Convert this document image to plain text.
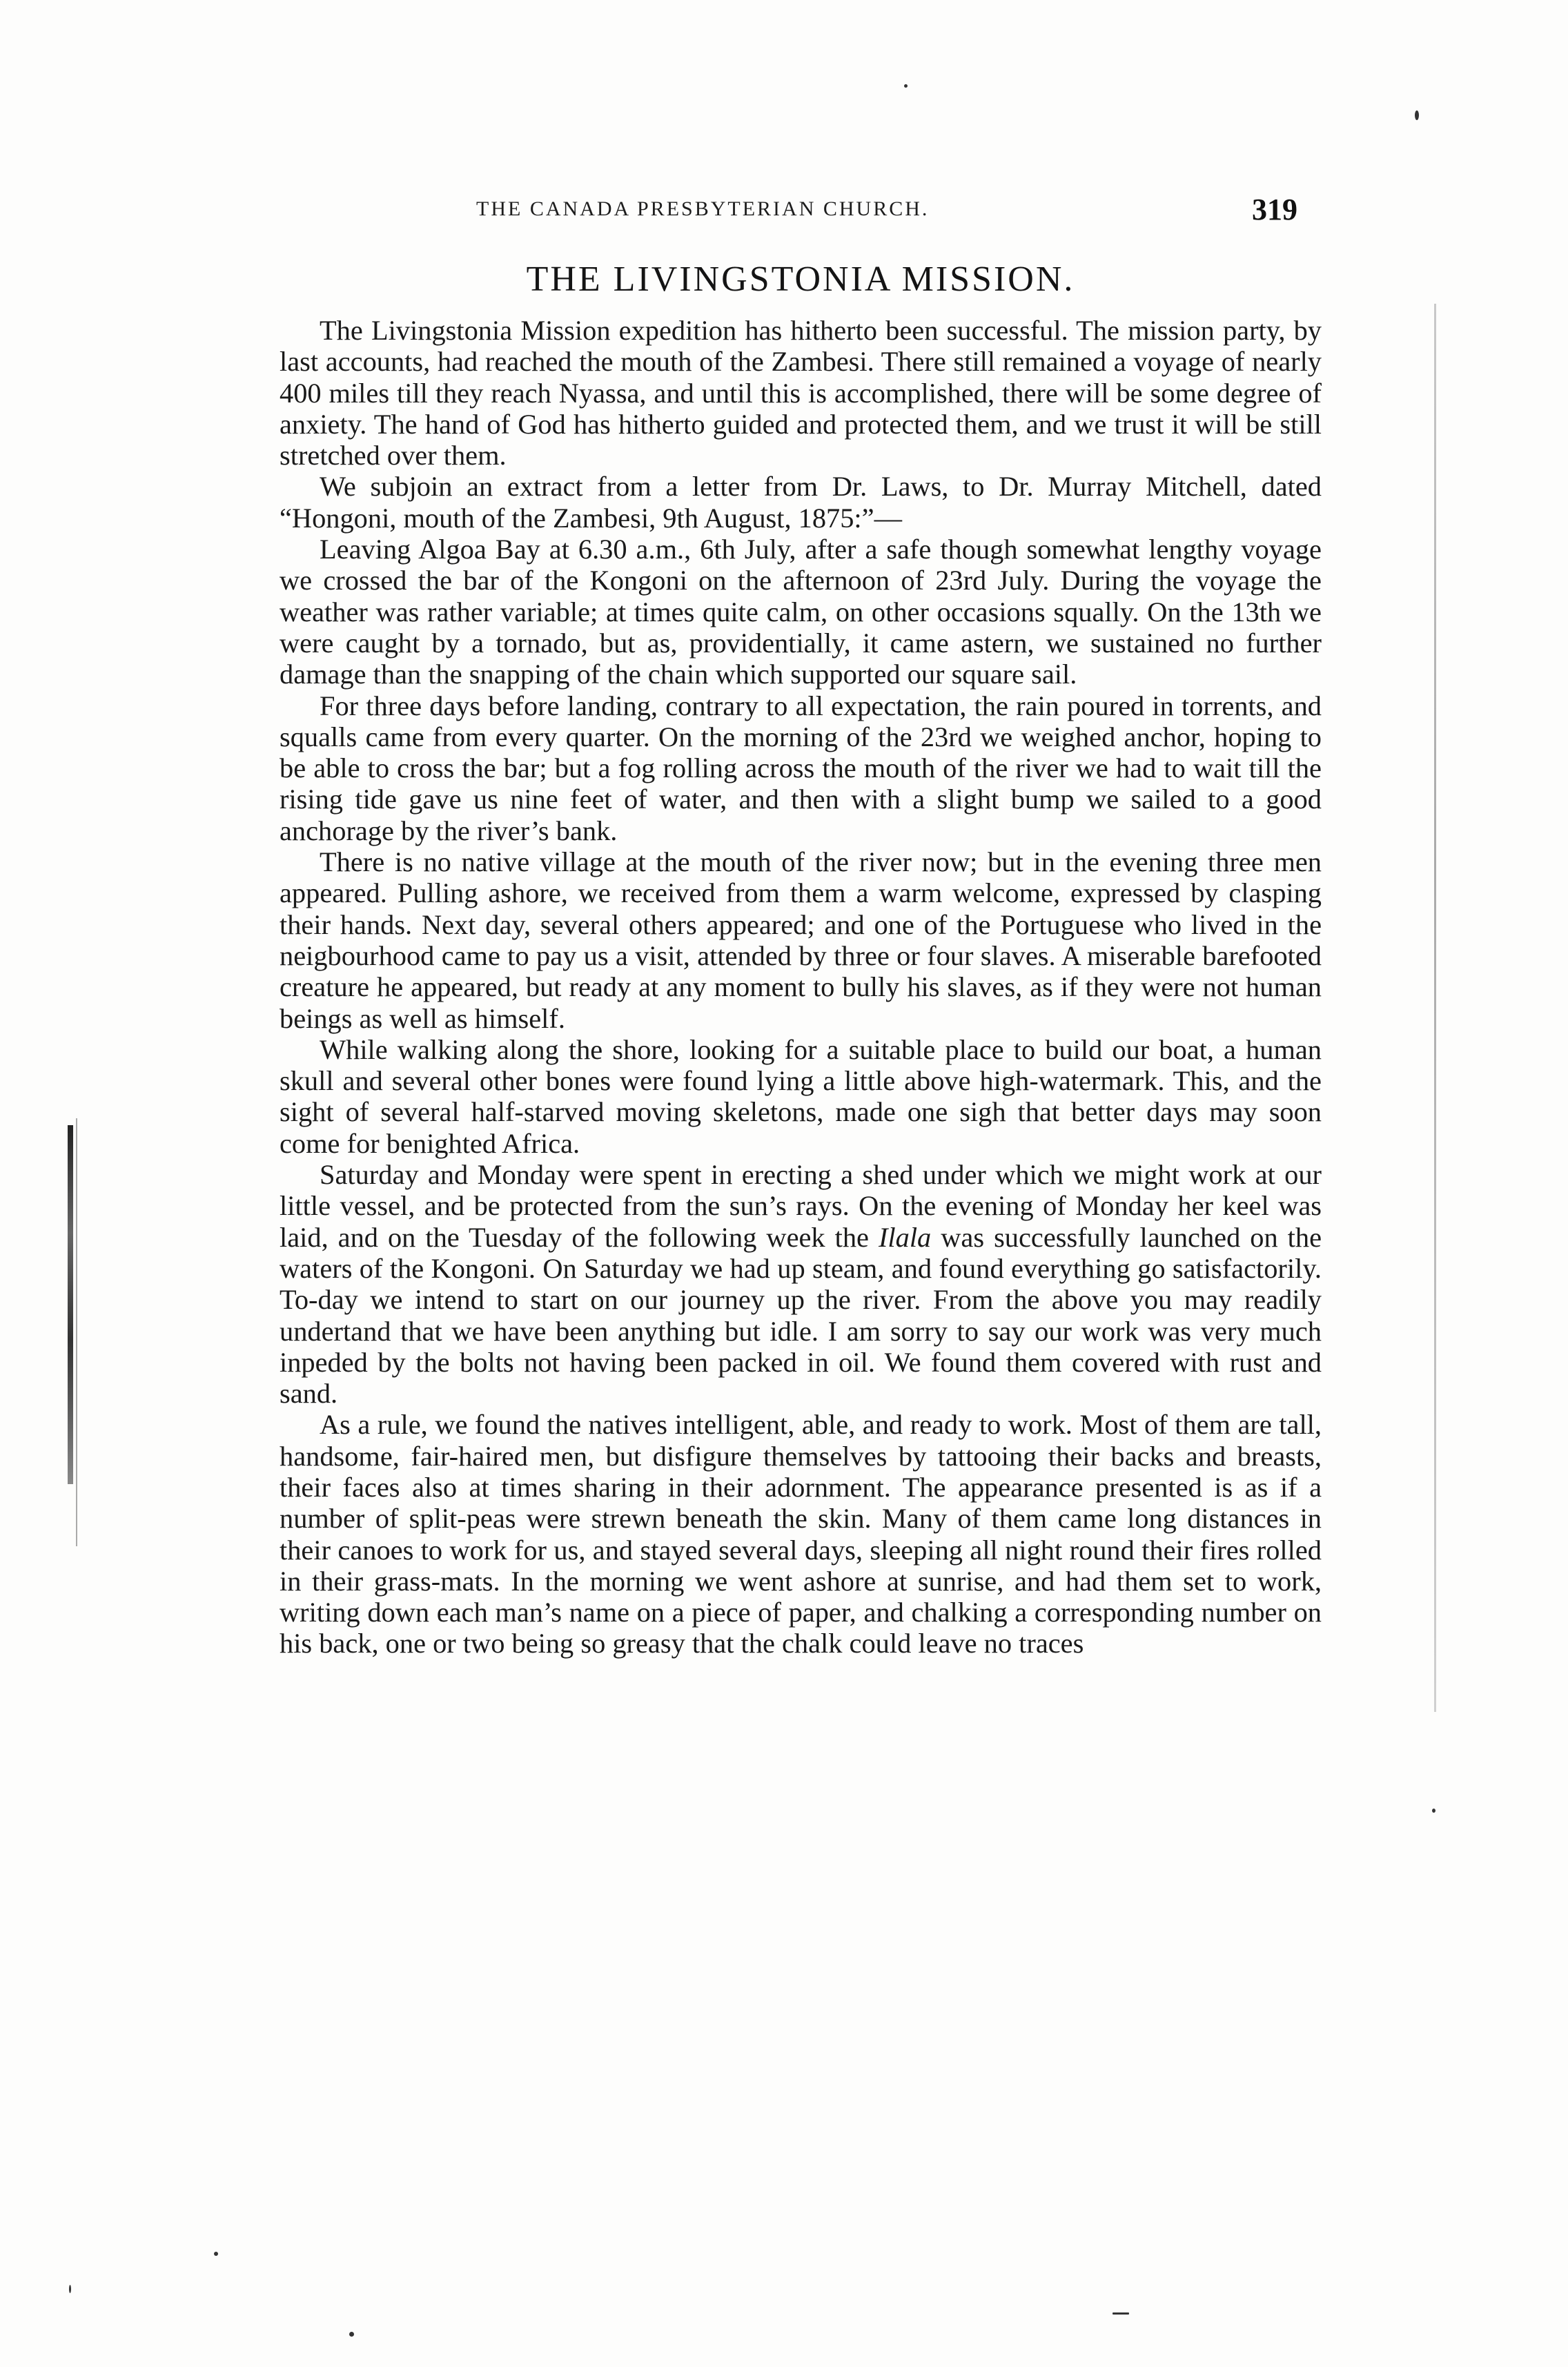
THE CANADA PRESBYTERIAN CHURCH.	319
THE LIVINGSTONIA MISSION.

The Livingstonia Mission expedition has hitherto been successful. The mission party, by last accounts, had reached the mouth of the Zambesi. There still remained a voyage of nearly 400 miles till they reach Nyassa, and until this is accomplished, there will be some degree of anxiety. The hand of God has hitherto guided and protected them, and we trust it will be still stretched over them.

We subjoin an extract from a letter from Dr. Laws, to Dr. Murray Mitchell, dated “Hongoni, mouth of the Zambesi, 9th August, 1875:”—

Leaving Algoa Bay at 6.30 a.m., 6th July, after a safe though somewhat lengthy voyage we crossed the bar of the Kongoni on the afternoon of 23rd July. During the voyage the weather was rather variable; at times quite calm, on other occasions squally. On the 13th we were caught by a tornado, but as, providentially, it came astern, we sustained no further damage than the snapping of the chain which supported our square sail.

For three days before landing, contrary to all expectation, the rain poured in torrents, and squalls came from every quarter. On the morning of the 23rd we weighed anchor, hoping to be able to cross the bar; but a fog rolling across the mouth of the river we had to wait till the rising tide gave us nine feet of water, and then with a slight bump we sailed to a good anchorage by the river’s bank.

There is no native village at the mouth of the river now; but in the evening three men appeared. Pulling ashore, we received from them a warm welcome, expressed by clasping their hands. Next day, several others appeared; and one of the Portuguese who lived in the neigbourhood came to pay us a visit, attended by three or four slaves. A miserable barefooted creature he appeared, but ready at any moment to bully his slaves, as if they were not human beings as well as himself.

While walking along the shore, looking for a suitable place to build our boat, a human skull and several other bones were found lying a little above high-watermark. This, and the sight of several half-starved moving skeletons, made one sigh that better days may soon come for benighted Africa.

Saturday and Monday were spent in erecting a shed under which we might work at our little vessel, and be protected from the sun’s rays. On the evening of Monday her keel was laid, and on the Tuesday of the following week the Ilala was successfully launched on the waters of the Kongoni. On Saturday we had up steam, and found everything go satisfactorily. To-day we intend to start on our journey up the river. From the above you may readily undertand that we have been anything but idle. I am sorry to say our work was very much inpeded by the bolts not having been packed in oil. We found them covered with rust and sand.

As a rule, we found the natives intelligent, able, and ready to work. Most of them are tall, handsome, fair-haired men, but disfigure themselves by tattooing their backs and breasts, their faces also at times sharing in their adornment. The appearance presented is as if a number of split-peas were strewn beneath the skin. Many of them came long distances in their canoes to work for us, and stayed several days, sleeping all night round their fires rolled in their grass-mats. In the morning we went ashore at sunrise, and had them set to work, writing down each man’s name on a piece of paper, and chalking a corresponding number on his back, one or two being so greasy that the chalk could leave no traces
